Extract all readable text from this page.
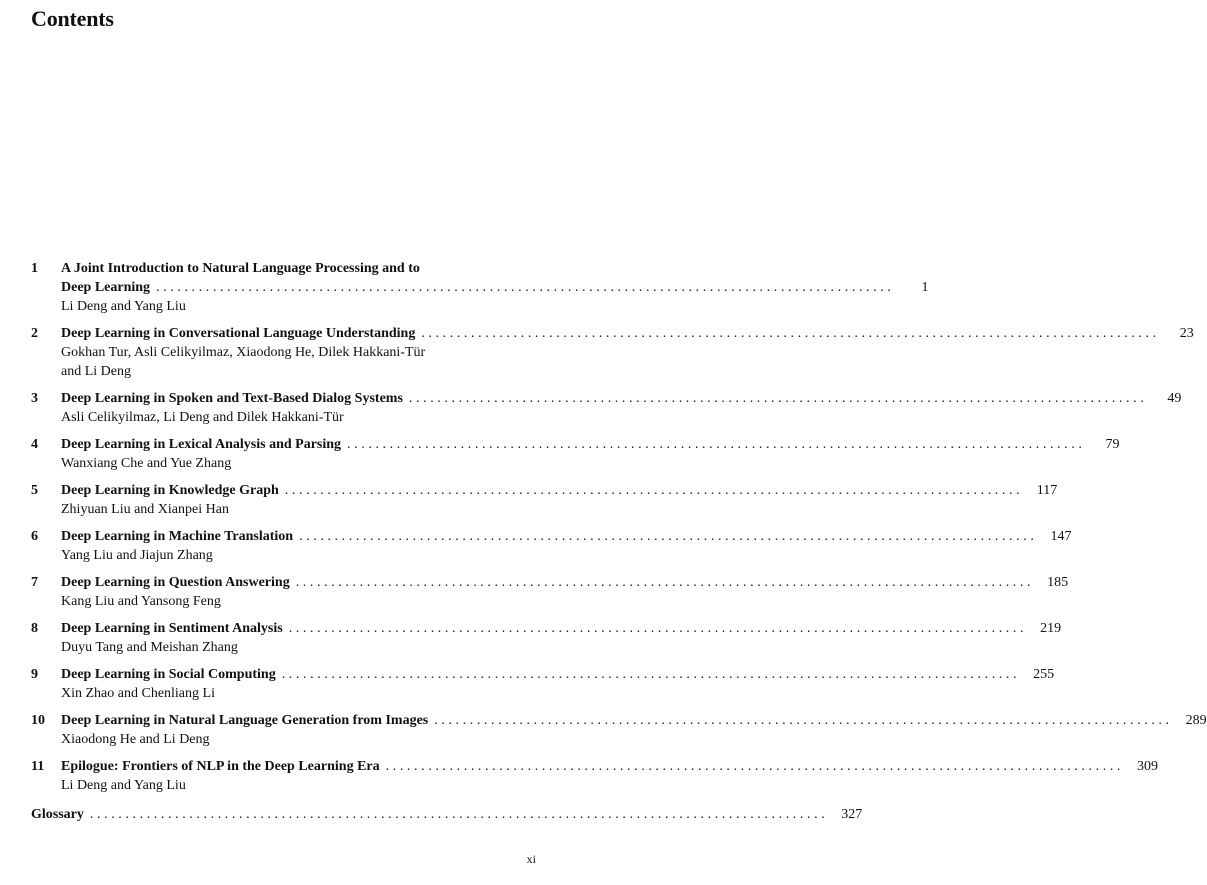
Contents
1 A Joint Introduction to Natural Language Processing and to
Deep Learning ........................................................................................................	1
Li Deng and Yang Liu
2 Deep Learning in Conversational Language Understanding ........................................................................................................	23
Gokhan Tur, Asli Celikyilmaz, Xiaodong He, Dilek Hakkani-Tür
and Li Deng
3 Deep Learning in Spoken and Text-Based Dialog Systems ........................................................................................................	49
Asli Celikyilmaz, Li Deng and Dilek Hakkani-Tür
4 Deep Learning in Lexical Analysis and Parsing ........................................................................................................	79
Wanxiang Che and Yue Zhang
5 Deep Learning in Knowledge Graph ........................................................................................................ 117
Zhiyuan Liu and Xianpei Han
6 Deep Learning in Machine Translation ........................................................................................................ 147
Yang Liu and Jiajun Zhang
7 Deep Learning in Question Answering ........................................................................................................ 185
Kang Liu and Yansong Feng
8 Deep Learning in Sentiment Analysis ........................................................................................................ 219
Duyu Tang and Meishan Zhang
9 Deep Learning in Social Computing ........................................................................................................ 255
Xin Zhao and Chenliang Li
10 Deep Learning in Natural Language Generation from Images ........................................................................................................ 289
Xiaodong He and Li Deng
11 Epilogue: Frontiers of NLP in the Deep Learning Era ........................................................................................................ 309
Li Deng and Yang Liu
Glossary ........................................................................................................ 327
xi
